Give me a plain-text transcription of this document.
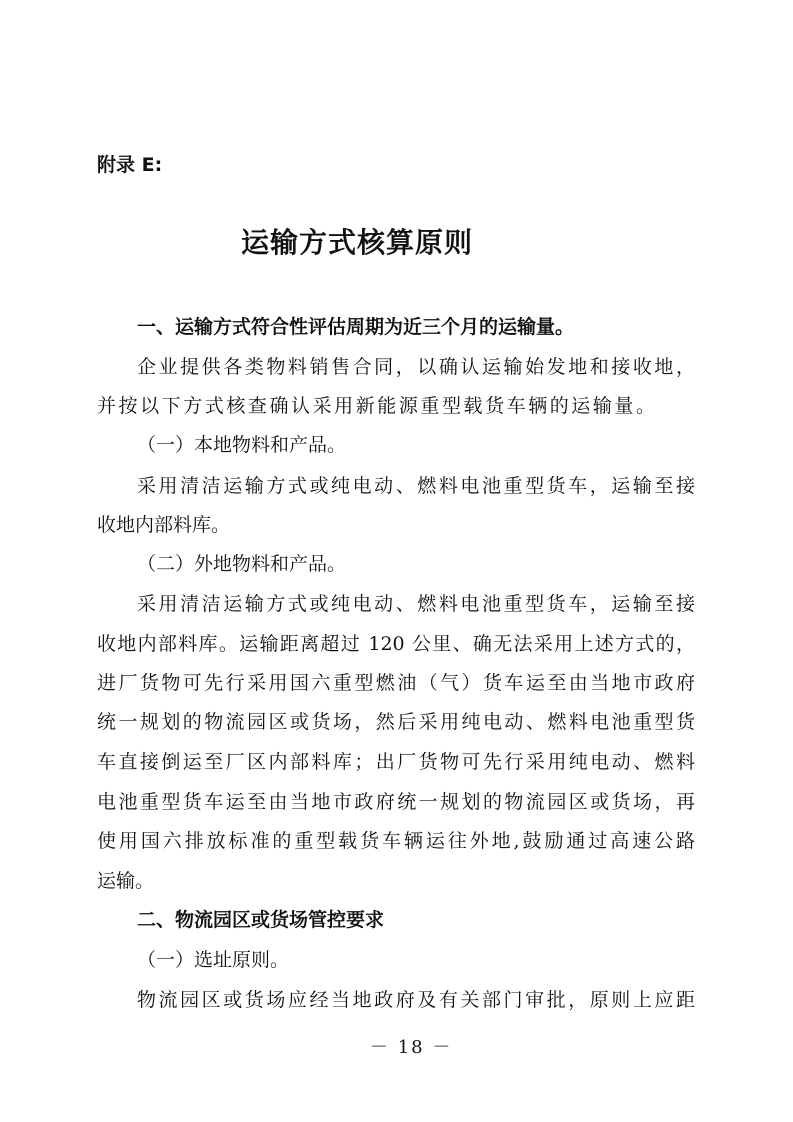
附录 E:
运输方式核算原则
一、运输方式符合性评估周期为近三个月的运输量。
企业提供各类物料销售合同，以确认运输始发地和接收地，
并按以下方式核查确认采用新能源重型载货车辆的运输量。
（一）本地物料和产品。
采用清洁运输方式或纯电动、燃料电池重型货车，运输至接
收地内部料库。
（二）外地物料和产品。
采用清洁运输方式或纯电动、燃料电池重型货车，运输至接
收地内部料库。运输距离超过 120 公里、确无法采用上述方式的，
进厂货物可先行采用国六重型燃油（气）货车运至由当地市政府
统一规划的物流园区或货场，然后采用纯电动、燃料电池重型货
车直接倒运至厂区内部料库；出厂货物可先行采用纯电动、燃料
电池重型货车运至由当地市政府统一规划的物流园区或货场，再
使用国六排放标准的重型载货车辆运往外地,鼓励通过高速公路
运输。
二、物流园区或货场管控要求
（一）选址原则。
物流园区或货场应经当地政府及有关部门审批，原则上应距
－ 18 －
